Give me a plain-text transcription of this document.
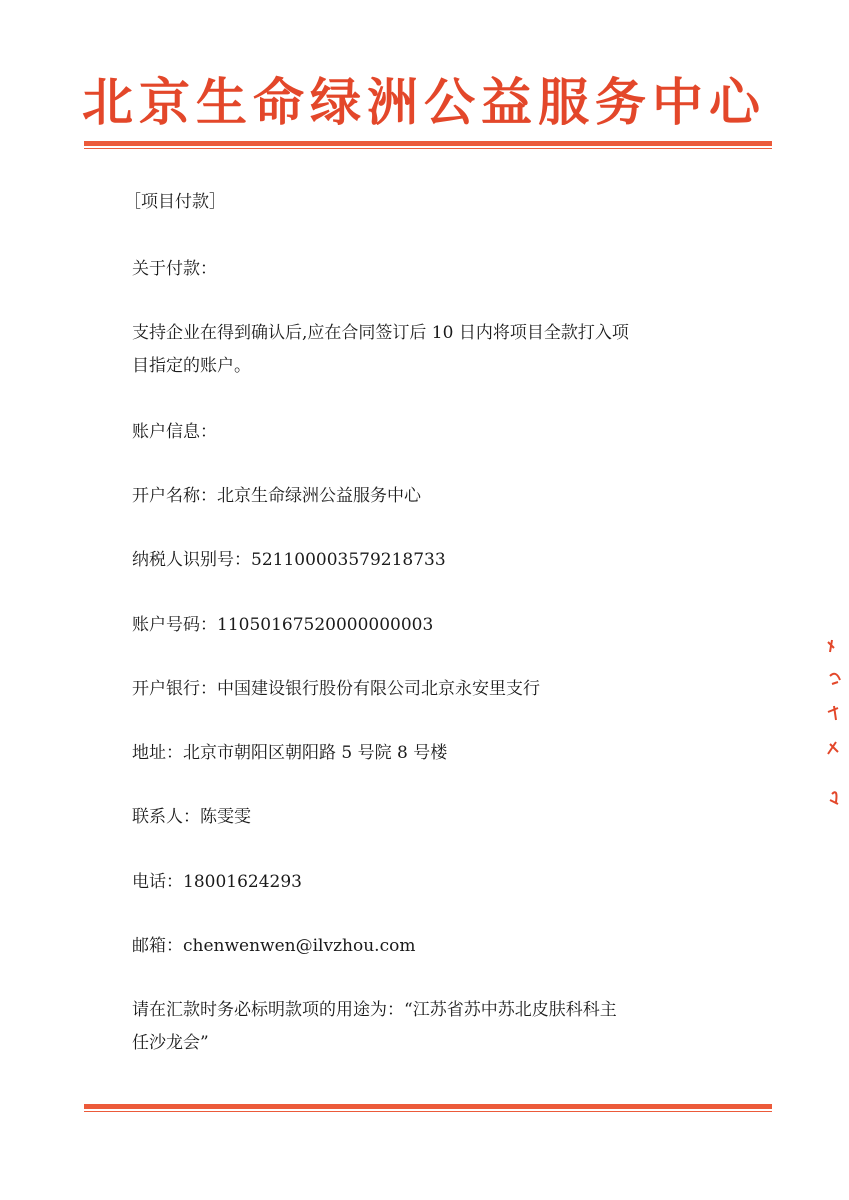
北京生命绿洲公益服务中心

［项目付款］

关于付款：

支持企业在得到确认后,应在合同签订后 10 日内将项目全款打入项

目指定的账户。

账户信息：

开户名称：北京生命绿洲公益服务中心

纳税人识别号：521100003579218733

账户号码：11050167520000000003

开户银行：中国建设银行股份有限公司北京永安里支行

地址：北京市朝阳区朝阳路 5 号院 8 号楼

联系人：陈雯雯

电话：18001624293

邮箱：chenwenwen@ilvzhou.com

请在汇款时务必标明款项的用途为：“江苏省苏中苏北皮肤科科主

任沙龙会”
